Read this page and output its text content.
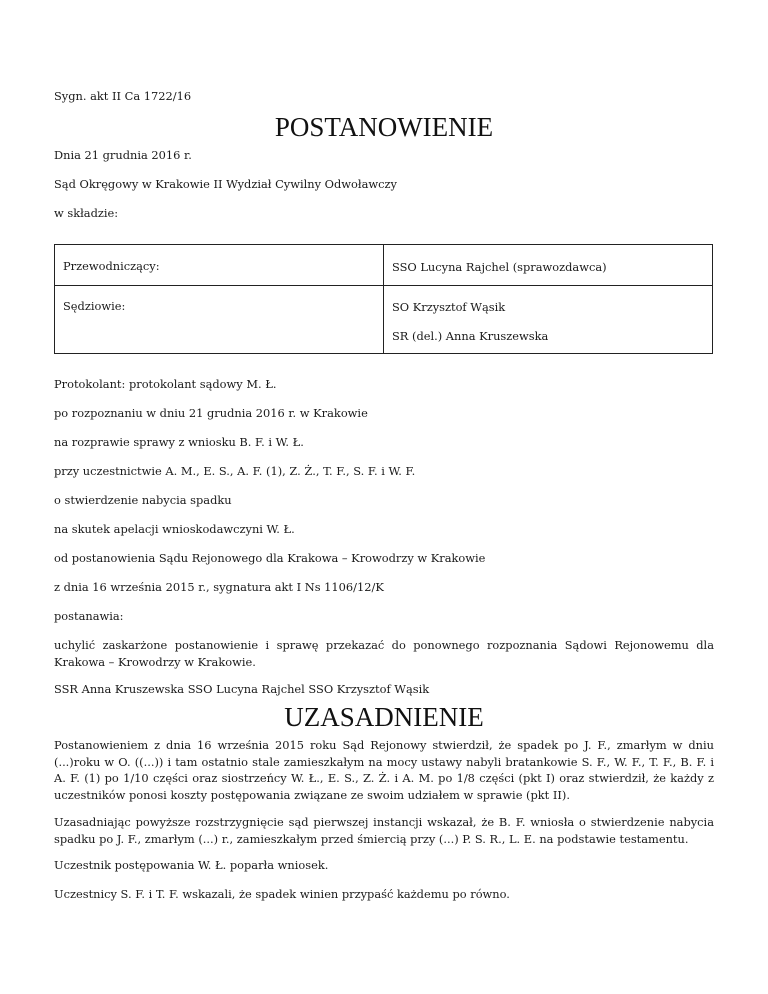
Sygn. akt II Ca 1722/16
POSTANOWIENIE
Dnia 21 grudnia 2016 r.
Sąd Okręgowy w Krakowie II Wydział Cywilny Odwoławczy
w składzie:
Przewodniczący:	SSO Lucyna Rajchel (sprawozdawca)

Sędziowie:	SO Krzysztof Wąsik
SR (del.) Anna Kruszewska
Protokolant: protokolant sądowy M. Ł.
po rozpoznaniu w dniu 21 grudnia 2016 r. w Krakowie
na rozprawie sprawy z wniosku B. F. i W. Ł.
przy uczestnictwie A. M., E. S., A. F. (1), Z. Ż., T. F., S. F. i W. F.
o stwierdzenie nabycia spadku
na skutek apelacji wnioskodawczyni W. Ł.
od postanowienia Sądu Rejonowego dla Krakowa – Krowodrzy w Krakowie
z dnia 16 września 2015 r., sygnatura akt I Ns 1106/12/K
postanawia:
uchylić zaskarżone postanowienie i sprawę przekazać do ponownego rozpoznania Sądowi Rejonowemu dla Krakowa – Krowodrzy w Krakowie.
SSR Anna Kruszewska SSO Lucyna Rajchel SSO Krzysztof Wąsik
UZASADNIENIE
Postanowieniem z dnia 16 września 2015 roku Sąd Rejonowy stwierdził, że spadek po J. F., zmarłym w dniu (...)roku w O. ((...)) i tam ostatnio stale zamieszkałym na mocy ustawy nabyli bratankowie S. F., W. F., T. F., B. F. i A. F. (1) po 1/10 części oraz siostrzeńcy W. Ł., E. S., Z. Ż. i A. M. po 1/8 części (pkt I) oraz stwierdził, że każdy z uczestników ponosi koszty postępowania związane ze swoim udziałem w sprawie (pkt II).
Uzasadniając powyższe rozstrzygnięcie sąd pierwszej instancji wskazał, że B. F. wniosła o stwierdzenie nabycia spadku po J. F., zmarłym (...) r., zamieszkałym przed śmiercią przy (...) P. S. R., L. E. na podstawie testamentu.
Uczestnik postępowania W. Ł. poparła wniosek.
Uczestnicy S. F. i T. F. wskazali, że spadek winien przypaść każdemu po równo.
